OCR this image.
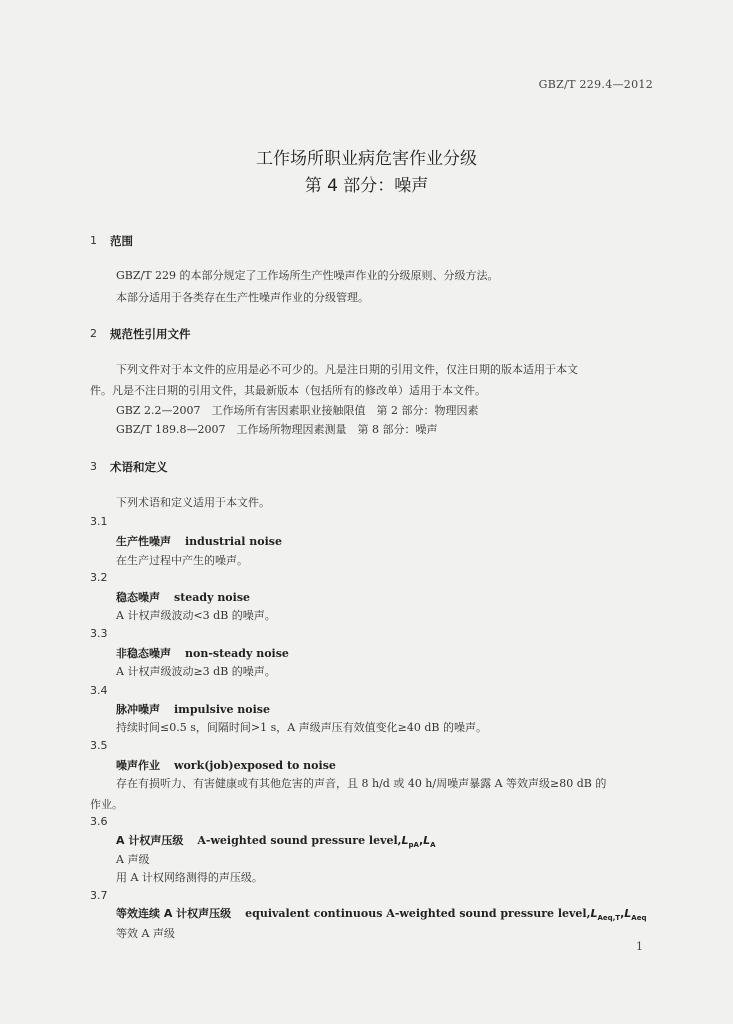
GBZ/T 229.4—2012
工作场所职业病危害作业分级
第 4 部分：噪声
1 范围
GBZ/T 229 的本部分规定了工作场所生产性噪声作业的分级原则、分级方法。
本部分适用于各类存在生产性噪声作业的分级管理。
2 规范性引用文件
下列文件对于本文件的应用是必不可少的。凡是注日期的引用文件，仅注日期的版本适用于本文
件。凡是不注日期的引用文件，其最新版本（包括所有的修改单）适用于本文件。
GBZ 2.2—2007　工作场所有害因素职业接触限值　第 2 部分：物理因素
GBZ/T 189.8—2007　工作场所物理因素测量　第 8 部分：噪声
3 术语和定义
下列术语和定义适用于本文件。
3.1
生产性噪声 industrial noise
在生产过程中产生的噪声。
3.2
稳态噪声 steady noise
A 计权声级波动<3 dB 的噪声。
3.3
非稳态噪声 non-steady noise
A 计权声级波动≥3 dB 的噪声。
3.4
脉冲噪声 impulsive noise
持续时间≤0.5 s，间隔时间>1 s，A 声级声压有效值变化≥40 dB 的噪声。
3.5
噪声作业 work(job)exposed to noise
存在有损听力、有害健康或有其他危害的声音，且 8 h/d 或 40 h/周噪声暴露 A 等效声级≥80 dB 的
作业。
3.6
A 计权声压级 A-weighted sound pressure $level,L_{pA},L_A$
A 声级
用 A 计权网络测得的声压级。
3.7
等效连续 A 计权声压级 equivalent continuous A-weighted sound pressure $level,L_{Aeq,T},L_{Aeq}$
等效 A 声级
1
